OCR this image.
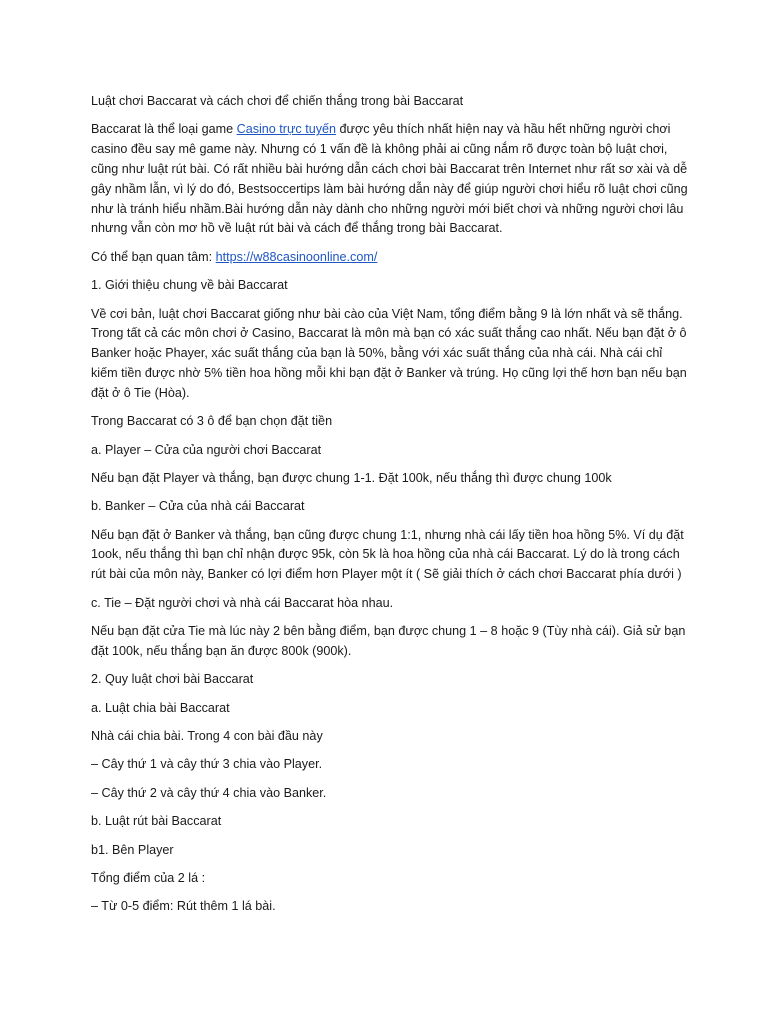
Luật chơi Baccarat và cách chơi để chiến thắng trong bài Baccarat

Baccarat là thể loại game Casino trực tuyến được yêu thích nhất hiện nay và hầu hết những người chơi casino đều say mê game này. Nhưng có 1 vấn đề là không phải ai cũng nắm rõ được toàn bộ luật chơi, cũng như luật rút bài. Có rất nhiều bài hướng dẫn cách chơi bài Baccarat trên Internet như rất sơ xài và dễ gây nhầm lẫn, vì lý do đó, Bestsoccertips làm bài hướng dẫn này để giúp người chơi hiểu rõ luật chơi cũng như là tránh hiểu nhầm.Bài hướng dẫn này dành cho những người mới biết chơi và những người chơi lâu nhưng vẫn còn mơ hồ về luật rút bài và cách để thắng trong bài Baccarat.

Có thể bạn quan tâm: https://w88casinoonline.com/

1. Giới thiệu chung về bài Baccarat

Về cơi bản, luật chơi Baccarat giống như bài cào của Việt Nam, tổng điểm bằng 9 là lớn nhất và sẽ thắng. Trong tất cả các môn chơi ở Casino, Baccarat là môn mà bạn có xác suất thắng cao nhất. Nếu bạn đặt ở ô Banker hoặc Phayer, xác suất thắng của bạn là 50%, bằng với xác suất thắng của nhà cái. Nhà cái chỉ kiếm tiền được nhờ 5% tiền hoa hồng mỗi khi bạn đặt ở Banker và trúng. Họ cũng lợi thế hơn bạn nếu bạn đặt ở ô Tie (Hòa).

Trong Baccarat có 3 ô để bạn chọn đặt tiền

a. Player – Cửa của người chơi Baccarat

Nếu bạn đặt Player và thắng, bạn được chung 1-1. Đặt 100k, nếu thắng thì được chung 100k

b. Banker – Cửa của nhà cái Baccarat

Nếu bạn đặt ở Banker và thắng, bạn cũng được chung 1:1, nhưng nhà cái lấy tiền hoa hồng 5%. Ví dụ đặt 1ook, nếu thắng thì bạn chỉ nhận được 95k, còn 5k là hoa hồng của nhà cái Baccarat. Lý do là trong cách rút bài của môn này, Banker có lợi điểm hơn Player một ít ( Sẽ giải thích ở cách chơi Baccarat phía dưới )

c. Tie – Đặt người chơi và nhà cái Baccarat hòa nhau.

Nếu bạn đặt cửa Tie mà lúc này 2 bên bằng điểm, bạn được chung 1 – 8 hoặc 9 (Tùy nhà cái). Giả sử bạn đặt 100k, nếu thắng bạn ăn được 800k (900k).

2. Quy luật chơi bài Baccarat

a. Luật chia bài Baccarat

Nhà cái chia bài. Trong 4 con bài đầu này

– Cây thứ 1 và cây thứ 3 chia vào Player.

– Cây thứ 2 và cây thứ 4 chia vào Banker.

b. Luật rút bài Baccarat

b1. Bên Player

Tổng điểm của 2 lá :

– Từ 0-5 điểm: Rút thêm 1 lá bài.
